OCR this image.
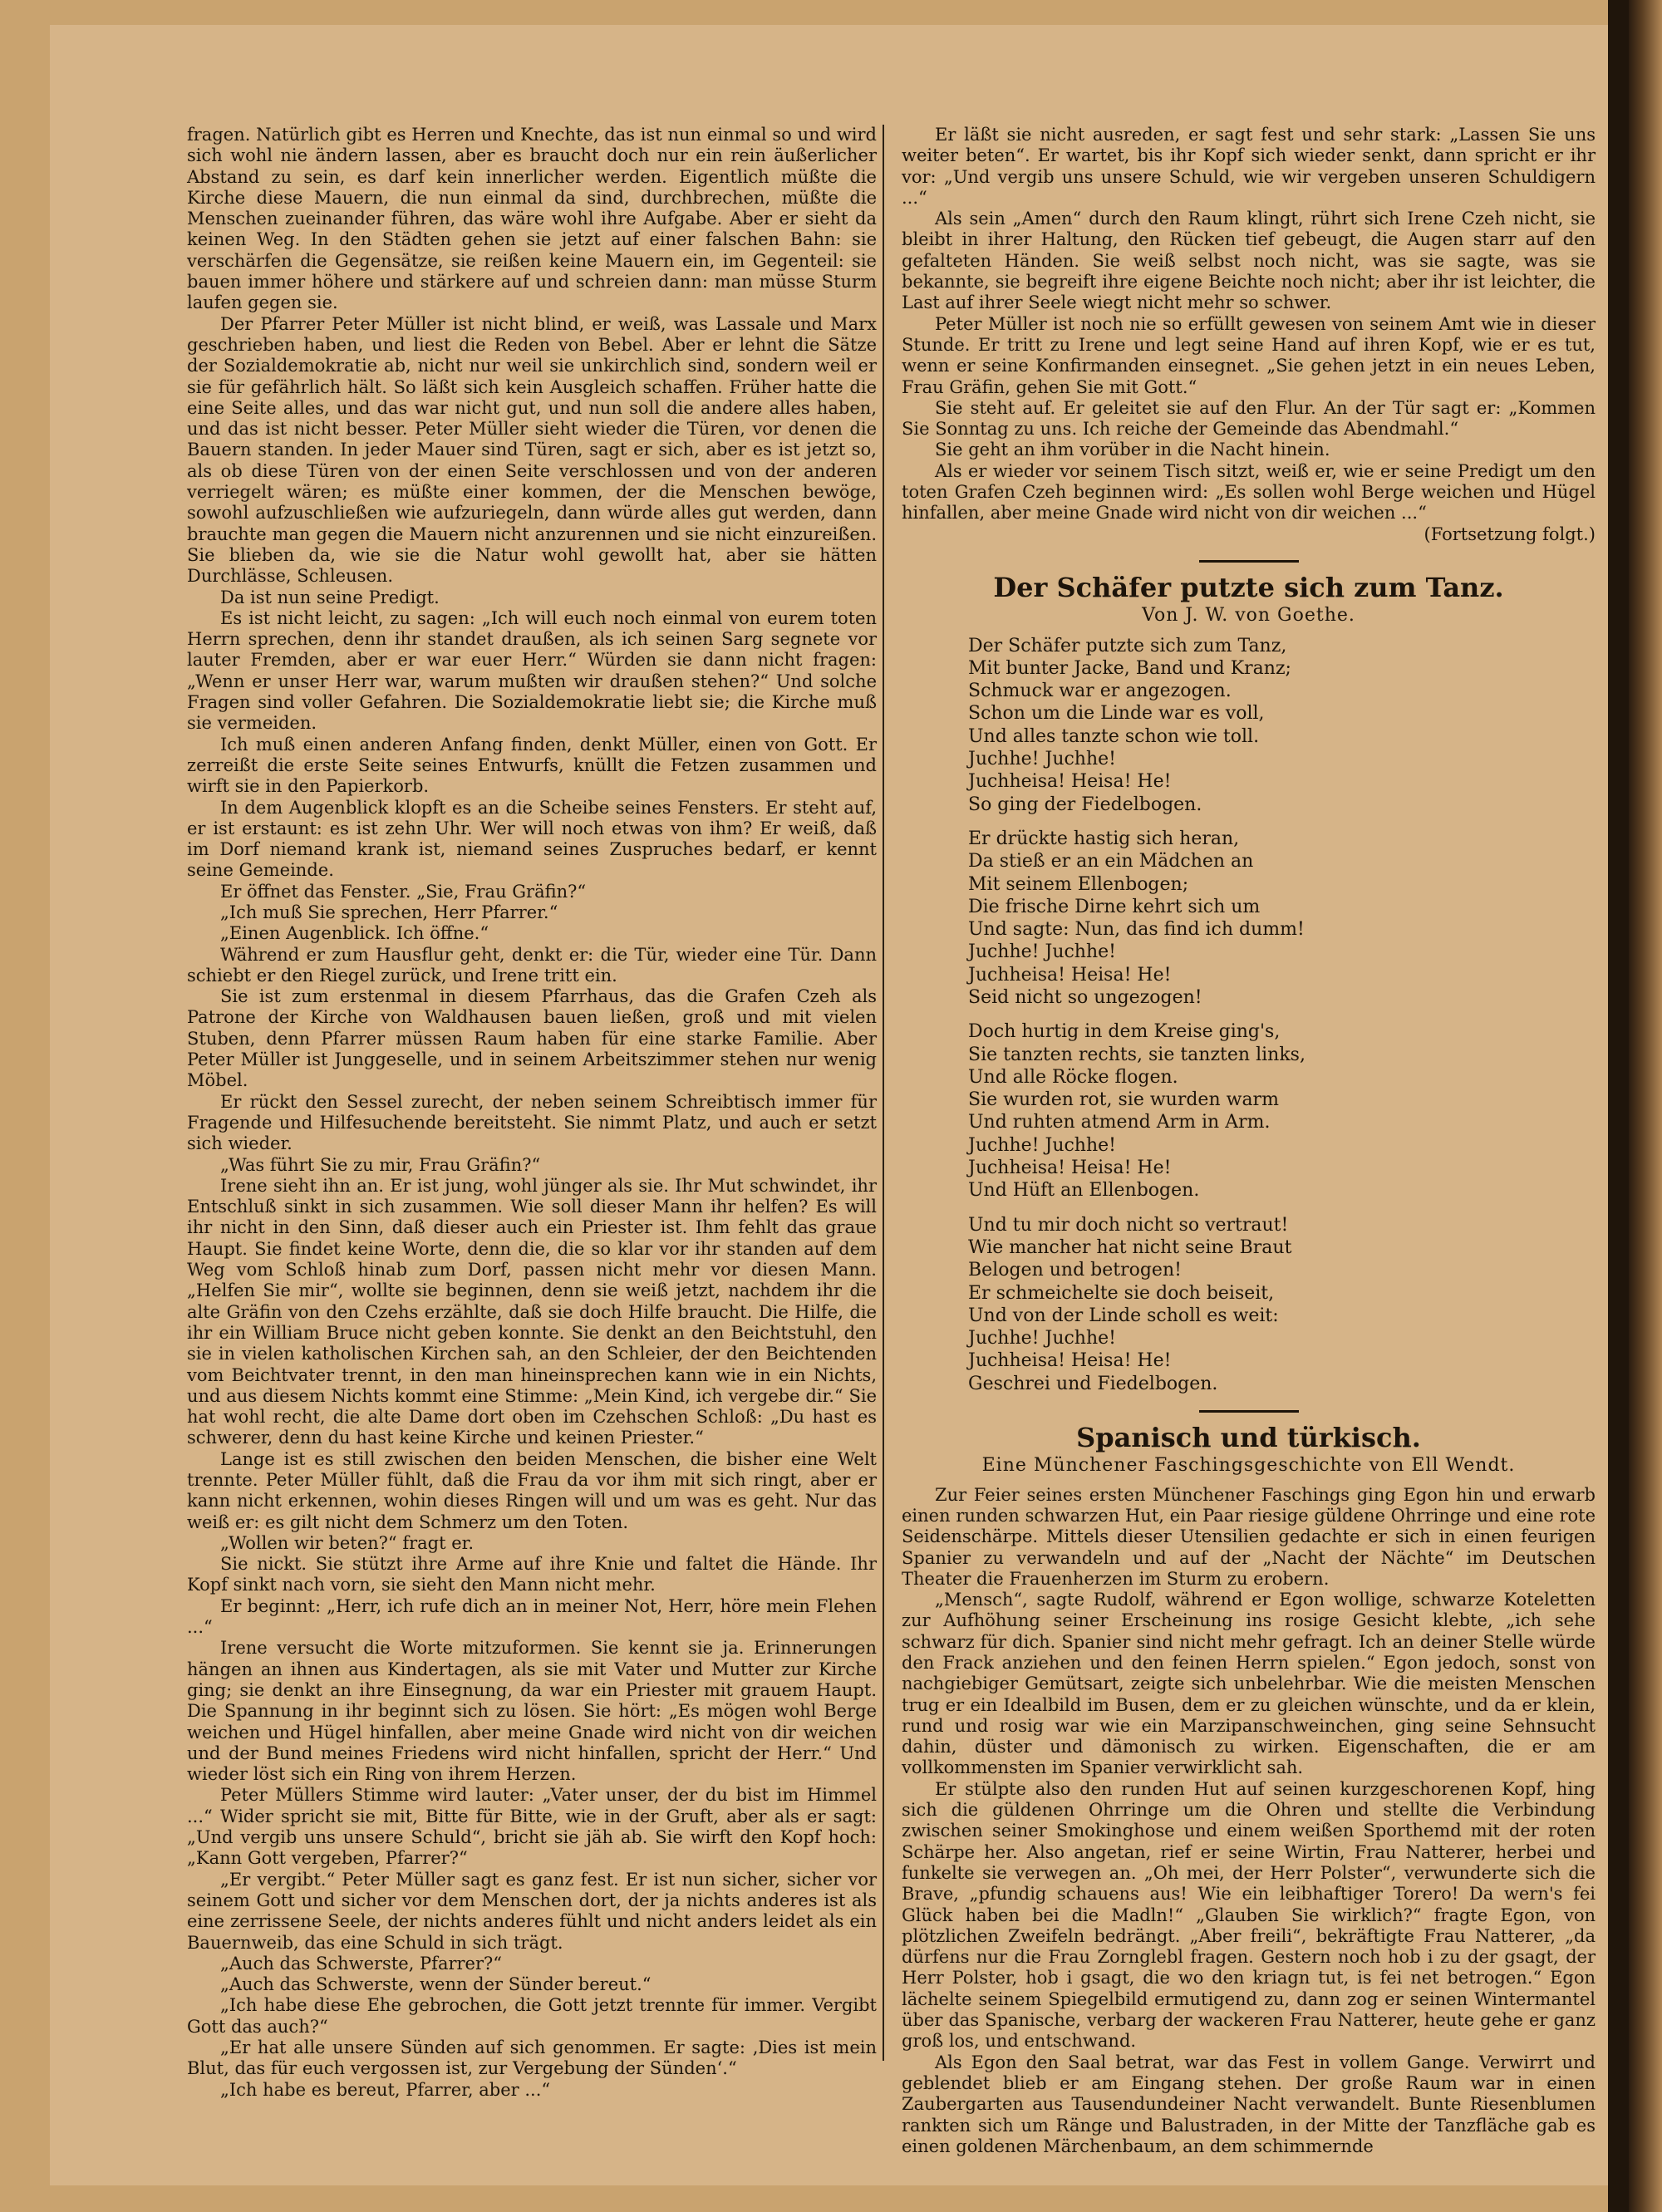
fragen. Natürlich gibt es Herren und Knechte, das ist nun einmal so und wird sich wohl nie ändern lassen, aber es braucht doch nur ein rein äußerlicher Abstand zu sein, es darf kein innerlicher werden. Eigentlich müßte die Kirche diese Mauern, die nun einmal da sind, durchbrechen, müßte die Menschen zueinander führen, das wäre wohl ihre Aufgabe. Aber er sieht da keinen Weg. In den Städten gehen sie jetzt auf einer falschen Bahn: sie verschärfen die Gegensätze, sie reißen keine Mauern ein, im Gegenteil: sie bauen immer höhere und stärkere auf und schreien dann: man müsse Sturm laufen gegen sie.

Der Pfarrer Peter Müller ist nicht blind, er weiß, was Lassale und Marx geschrieben haben, und liest die Reden von Bebel. Aber er lehnt die Sätze der Sozialdemokratie ab, nicht nur weil sie unkirchlich sind, sondern weil er sie für gefährlich hält. So läßt sich kein Ausgleich schaffen. Früher hatte die eine Seite alles, und das war nicht gut, und nun soll die andere alles haben, und das ist nicht besser. Peter Müller sieht wieder die Türen, vor denen die Bauern standen. In jeder Mauer sind Türen, sagt er sich, aber es ist jetzt so, als ob diese Türen von der einen Seite verschlossen und von der anderen verriegelt wären; es müßte einer kommen, der die Menschen bewöge, sowohl aufzuschließen wie aufzuriegeln, dann würde alles gut werden, dann brauchte man gegen die Mauern nicht anzurennen und sie nicht einzureißen. Sie blieben da, wie sie die Natur wohl gewollt hat, aber sie hätten Durchlässe, Schleusen.

Da ist nun seine Predigt.

Es ist nicht leicht, zu sagen: „Ich will euch noch einmal von eurem toten Herrn sprechen, denn ihr standet draußen, als ich seinen Sarg segnete vor lauter Fremden, aber er war euer Herr.“ Würden sie dann nicht fragen: „Wenn er unser Herr war, warum mußten wir draußen stehen?“ Und solche Fragen sind voller Gefahren. Die Sozialdemokratie liebt sie; die Kirche muß sie vermeiden.

Ich muß einen anderen Anfang finden, denkt Müller, einen von Gott. Er zerreißt die erste Seite seines Entwurfs, knüllt die Fetzen zusammen und wirft sie in den Papierkorb.

In dem Augenblick klopft es an die Scheibe seines Fensters. Er steht auf, er ist erstaunt: es ist zehn Uhr. Wer will noch etwas von ihm? Er weiß, daß im Dorf niemand krank ist, niemand seines Zuspruches bedarf, er kennt seine Gemeinde.

Er öffnet das Fenster. „Sie, Frau Gräfin?“

„Ich muß Sie sprechen, Herr Pfarrer.“

„Einen Augenblick. Ich öffne.“

Während er zum Hausflur geht, denkt er: die Tür, wieder eine Tür. Dann schiebt er den Riegel zurück, und Irene tritt ein.

Sie ist zum erstenmal in diesem Pfarrhaus, das die Grafen Czeh als Patrone der Kirche von Waldhausen bauen ließen, groß und mit vielen Stuben, denn Pfarrer müssen Raum haben für eine starke Familie. Aber Peter Müller ist Junggeselle, und in seinem Arbeitszimmer stehen nur wenig Möbel.

Er rückt den Sessel zurecht, der neben seinem Schreibtisch immer für Fragende und Hilfesuchende bereitsteht. Sie nimmt Platz, und auch er setzt sich wieder.

„Was führt Sie zu mir, Frau Gräfin?“

Irene sieht ihn an. Er ist jung, wohl jünger als sie. Ihr Mut schwindet, ihr Entschluß sinkt in sich zusammen. Wie soll dieser Mann ihr helfen? Es will ihr nicht in den Sinn, daß dieser auch ein Priester ist. Ihm fehlt das graue Haupt. Sie findet keine Worte, denn die, die so klar vor ihr standen auf dem Weg vom Schloß hinab zum Dorf, passen nicht mehr vor diesen Mann. „Helfen Sie mir“, wollte sie beginnen, denn sie weiß jetzt, nachdem ihr die alte Gräfin von den Czehs erzählte, daß sie doch Hilfe braucht. Die Hilfe, die ihr ein William Bruce nicht geben konnte. Sie denkt an den Beichtstuhl, den sie in vielen katholischen Kirchen sah, an den Schleier, der den Beichtenden vom Beichtvater trennt, in den man hineinsprechen kann wie in ein Nichts, und aus diesem Nichts kommt eine Stimme: „Mein Kind, ich vergebe dir.“ Sie hat wohl recht, die alte Dame dort oben im Czehschen Schloß: „Du hast es schwerer, denn du hast keine Kirche und keinen Priester.“

Lange ist es still zwischen den beiden Menschen, die bisher eine Welt trennte. Peter Müller fühlt, daß die Frau da vor ihm mit sich ringt, aber er kann nicht erkennen, wohin dieses Ringen will und um was es geht. Nur das weiß er: es gilt nicht dem Schmerz um den Toten.

„Wollen wir beten?“ fragt er.

Sie nickt. Sie stützt ihre Arme auf ihre Knie und faltet die Hände. Ihr Kopf sinkt nach vorn, sie sieht den Mann nicht mehr.

Er beginnt: „Herr, ich rufe dich an in meiner Not, Herr, höre mein Flehen ...“

Irene versucht die Worte mitzuformen. Sie kennt sie ja. Erinnerungen hängen an ihnen aus Kindertagen, als sie mit Vater und Mutter zur Kirche ging; sie denkt an ihre Einsegnung, da war ein Priester mit grauem Haupt. Die Spannung in ihr beginnt sich zu lösen. Sie hört: „Es mögen wohl Berge weichen und Hügel hinfallen, aber meine Gnade wird nicht von dir weichen und der Bund meines Friedens wird nicht hinfallen, spricht der Herr.“ Und wieder löst sich ein Ring von ihrem Herzen.

Peter Müllers Stimme wird lauter: „Vater unser, der du bist im Himmel ...“ Wider spricht sie mit, Bitte für Bitte, wie in der Gruft, aber als er sagt: „Und vergib uns unsere Schuld“, bricht sie jäh ab. Sie wirft den Kopf hoch: „Kann Gott vergeben, Pfarrer?“

„Er vergibt.“ Peter Müller sagt es ganz fest. Er ist nun sicher, sicher vor seinem Gott und sicher vor dem Menschen dort, der ja nichts anderes ist als eine zerrissene Seele, der nichts anderes fühlt und nicht anders leidet als ein Bauernweib, das eine Schuld in sich trägt.

„Auch das Schwerste, Pfarrer?“

„Auch das Schwerste, wenn der Sünder bereut.“

„Ich habe diese Ehe gebrochen, die Gott jetzt trennte für immer. Vergibt Gott das auch?“

„Er hat alle unsere Sünden auf sich genommen. Er sagte: ‚Dies ist mein Blut, das für euch vergossen ist, zur Vergebung der Sünden‘.“

„Ich habe es bereut, Pfarrer, aber ...“

Er läßt sie nicht ausreden, er sagt fest und sehr stark: „Lassen Sie uns weiter beten“. Er wartet, bis ihr Kopf sich wieder senkt, dann spricht er ihr vor: „Und vergib uns unsere Schuld, wie wir vergeben unseren Schuldigern ...“

Als sein „Amen“ durch den Raum klingt, rührt sich Irene Czeh nicht, sie bleibt in ihrer Haltung, den Rücken tief gebeugt, die Augen starr auf den gefalteten Händen. Sie weiß selbst noch nicht, was sie sagte, was sie bekannte, sie begreift ihre eigene Beichte noch nicht; aber ihr ist leichter, die Last auf ihrer Seele wiegt nicht mehr so schwer.

Peter Müller ist noch nie so erfüllt gewesen von seinem Amt wie in dieser Stunde. Er tritt zu Irene und legt seine Hand auf ihren Kopf, wie er es tut, wenn er seine Konfirmanden einsegnet. „Sie gehen jetzt in ein neues Leben, Frau Gräfin, gehen Sie mit Gott.“

Sie steht auf. Er geleitet sie auf den Flur. An der Tür sagt er: „Kommen Sie Sonntag zu uns. Ich reiche der Gemeinde das Abendmahl.“

Sie geht an ihm vorüber in die Nacht hinein.

Als er wieder vor seinem Tisch sitzt, weiß er, wie er seine Predigt um den toten Grafen Czeh beginnen wird: „Es sollen wohl Berge weichen und Hügel hinfallen, aber meine Gnade wird nicht von dir weichen ...“

(Fortsetzung folgt.)

Der Schäfer putzte sich zum Tanz.
Von J. W. von Goethe.
Der Schäfer putzte sich zum Tanz,
Mit bunter Jacke, Band und Kranz;
Schmuck war er angezogen.
Schon um die Linde war es voll,
Und alles tanzte schon wie toll.
Juchhe! Juchhe!
Juchheisa! Heisa! He!
So ging der Fiedelbogen.
Er drückte hastig sich heran,
Da stieß er an ein Mädchen an
Mit seinem Ellenbogen;
Die frische Dirne kehrt sich um
Und sagte: Nun, das find ich dumm!
Juchhe! Juchhe!
Juchheisa! Heisa! He!
Seid nicht so ungezogen!
Doch hurtig in dem Kreise ging's,
Sie tanzten rechts, sie tanzten links,
Und alle Röcke flogen.
Sie wurden rot, sie wurden warm
Und ruhten atmend Arm in Arm.
Juchhe! Juchhe!
Juchheisa! Heisa! He!
Und Hüft an Ellenbogen.
Und tu mir doch nicht so vertraut!
Wie mancher hat nicht seine Braut
Belogen und betrogen!
Er schmeichelte sie doch beiseit,
Und von der Linde scholl es weit:
Juchhe! Juchhe!
Juchheisa! Heisa! He!
Geschrei und Fiedelbogen.
Spanisch und türkisch.
Eine Münchener Faschingsgeschichte von Ell Wendt.

Zur Feier seines ersten Münchener Faschings ging Egon hin und erwarb einen runden schwarzen Hut, ein Paar riesige güldene Ohrringe und eine rote Seidenschärpe. Mittels dieser Utensilien gedachte er sich in einen feurigen Spanier zu verwandeln und auf der „Nacht der Nächte“ im Deutschen Theater die Frauenherzen im Sturm zu erobern.

„Mensch“, sagte Rudolf, während er Egon wollige, schwarze Koteletten zur Aufhöhung seiner Erscheinung ins rosige Gesicht klebte, „ich sehe schwarz für dich. Spanier sind nicht mehr gefragt. Ich an deiner Stelle würde den Frack anziehen und den feinen Herrn spielen.“ Egon jedoch, sonst von nachgiebiger Gemütsart, zeigte sich unbelehrbar. Wie die meisten Menschen trug er ein Idealbild im Busen, dem er zu gleichen wünschte, und da er klein, rund und rosig war wie ein Marzipanschweinchen, ging seine Sehnsucht dahin, düster und dämonisch zu wirken. Eigenschaften, die er am vollkommensten im Spanier verwirklicht sah.

Er stülpte also den runden Hut auf seinen kurzgeschorenen Kopf, hing sich die güldenen Ohrringe um die Ohren und stellte die Verbindung zwischen seiner Smokinghose und einem weißen Sporthemd mit der roten Schärpe her. Also angetan, rief er seine Wirtin, Frau Natterer, herbei und funkelte sie verwegen an. „Oh mei, der Herr Polster“, verwunderte sich die Brave, „pfundig schauens aus! Wie ein leibhaftiger Torero! Da wern's fei Glück haben bei die Madln!“ „Glauben Sie wirklich?“ fragte Egon, von plötzlichen Zweifeln bedrängt. „Aber freili“, bekräftigte Frau Natterer, „da dürfens nur die Frau Zornglebl fragen. Gestern noch hob i zu der gsagt, der Herr Polster, hob i gsagt, die wo den kriagn tut, is fei net betrogen.“ Egon lächelte seinem Spiegelbild ermutigend zu, dann zog er seinen Wintermantel über das Spanische, verbarg der wackeren Frau Natterer, heute gehe er ganz groß los, und entschwand.

Als Egon den Saal betrat, war das Fest in vollem Gange. Verwirrt und geblendet blieb er am Eingang stehen. Der große Raum war in einen Zaubergarten aus Tausendundeiner Nacht verwandelt. Bunte Riesenblumen rankten sich um Ränge und Balustraden, in der Mitte der Tanzfläche gab es einen goldenen Märchenbaum, an dem schimmernde
